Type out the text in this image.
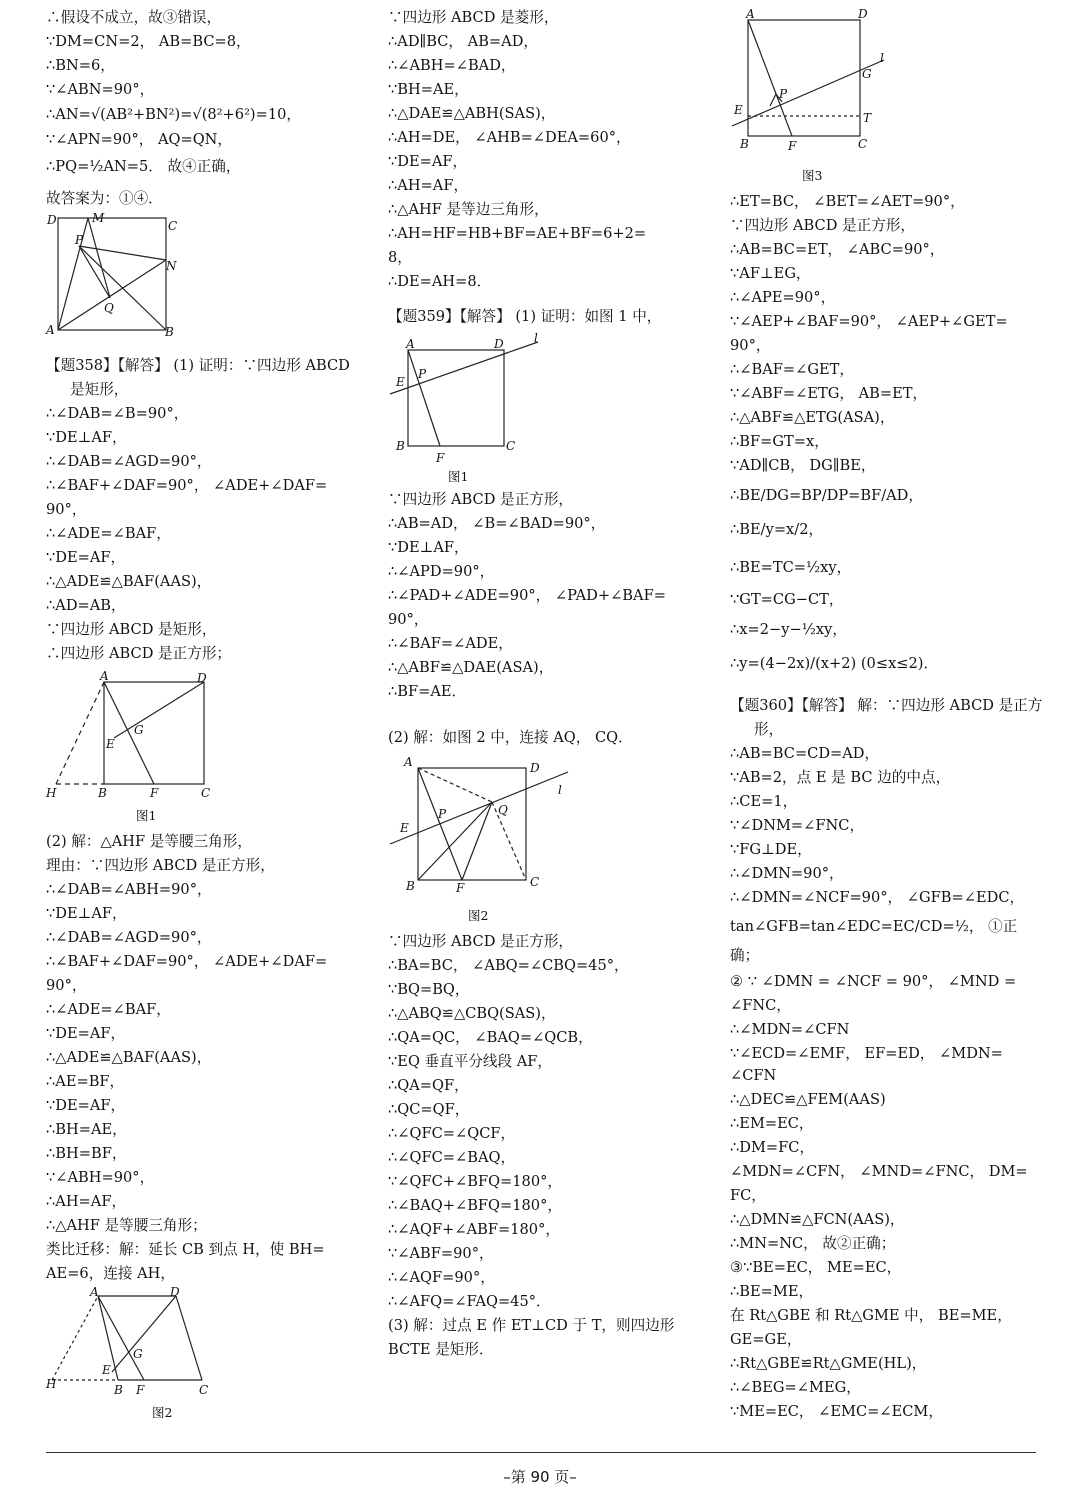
∴假设不成立，故③错误，
∵DM=CN=2， AB=BC=8，
∴BN=6，
∵∠ABN=90°，
∴AN=√(AB²+BN²)=√(8²+6²)=10，
∵∠APN=90°， AQ=QN，
∴PQ=½AN=5． 故④正确，
故答案为：①④．
D	M
C
P
N
Q
A	B
【题358】【解答】 (1) 证明：∵四边形 ABCD
是矩形，
∴∠DAB=∠B=90°，
∵DE⊥AF，
∴∠DAB=∠AGD=90°，
∴∠BAF+∠DAF=90°， ∠ADE+∠DAF=
90°，
∴∠ADE=∠BAF，
∵DE=AF，
∴△ADE≌△BAF(AAS)，
∴AD=AB，
∵四边形 ABCD 是矩形，
∴四边形 ABCD 是正方形；
A	D
G
E
H	B	F	C
图1
(2) 解：△AHF 是等腰三角形，
理由：∵四边形 ABCD 是正方形，
∴∠DAB=∠ABH=90°，
∵DE⊥AF，
∴∠DAB=∠AGD=90°，
∴∠BAF+∠DAF=90°， ∠ADE+∠DAF=
90°，
∴∠ADE=∠BAF，
∵DE=AF，
∴△ADE≌△BAF(AAS)，
∴AE=BF，
∵DE=AF，
∴BH=AE，
∴BH=BF，
∵∠ABH=90°，
∴AH=AF，
∴△AHF 是等腰三角形；
类比迁移：解：延长 CB 到点 H，使 BH=
AE=6，连接 AH，
A	D
G
E
H	B F	C
图2
∵四边形 ABCD 是菱形，
∴AD∥BC， AB=AD，
∴∠ABH=∠BAD，
∵BH=AE，
∴△DAE≌△ABH(SAS)，
∴AH=DE， ∠AHB=∠DEA=60°，
∵DE=AF，
∴AH=AF，
∴△AHF 是等边三角形，
∴AH=HF=HB+BF=AE+BF=6+2=
8，
∴DE=AH=8．
【题359】【解答】 (1) 证明：如图 1 中，
A	D	l
E
P
B
F
C
图1
∵四边形 ABCD 是正方形，
∴AB=AD， ∠B=∠BAD=90°，
∵DE⊥AF，
∴∠APD=90°，
∴∠PAD+∠ADE=90°， ∠PAD+∠BAF=
90°，
∴∠BAF=∠ADE，
∴△ABF≌△DAE(ASA)，
∴BF=AE．
(2) 解：如图 2 中，连接 AQ， CQ．
A	D
l
P	Q
E
B	F	C
图2
∵四边形 ABCD 是正方形，
∴BA=BC， ∠ABQ=∠CBQ=45°，
∵BQ=BQ，
∴△ABQ≌△CBQ(SAS)，
∴QA=QC， ∠BAQ=∠QCB，
∵EQ 垂直平分线段 AF，
∴QA=QF，
∴QC=QF，
∴∠QFC=∠QCF，
∴∠QFC=∠BAQ，
∵∠QFC+∠BFQ=180°，
∴∠BAQ+∠BFQ=180°，
∴∠AQF+∠ABF=180°，
∵∠ABF=90°，
∴∠AQF=90°，
∴∠AFQ=∠FAQ=45°．
(3) 解：过点 E 作 ET⊥CD 于 T，则四边形
BCTE 是矩形．
A	D
l
G
P
E
T
B	F	C
图3
∴ET=BC， ∠BET=∠AET=90°，
∵四边形 ABCD 是正方形，
∴AB=BC=ET， ∠ABC=90°，
∵AF⊥EG，
∴∠APE=90°，
∵∠AEP+∠BAF=90°， ∠AEP+∠GET=
90°，
∴∠BAF=∠GET，
∵∠ABF=∠ETG， AB=ET，
∴△ABF≌△ETG(ASA)，
∴BF=GT=x，
∵AD∥CB， DG∥BE，
∴BE/DG=BP/DP=BF/AD，
∴BE/y=x/2，
∴BE=TC=½xy，
∵GT=CG−CT，
∴x=2−y−½xy，
∴y=(4−2x)/(x+2) (0≤x≤2)．
【题360】【解答】 解：∵四边形 ABCD 是正方
形，
∴AB=BC=CD=AD，
∵AB=2，点 E 是 BC 边的中点，
∴CE=1，
∵∠DNM=∠FNC，
∵FG⊥DE，
∴∠DMN=90°，
∴∠DMN=∠NCF=90°， ∠GFB=∠EDC，
tan∠GFB=tan∠EDC=EC/CD=½， ①正
确；
② ∵ ∠DMN = ∠NCF = 90°， ∠MND =
∠FNC，
∴∠MDN=∠CFN
∵∠ECD=∠EMF， EF=ED， ∠MDN=
∠CFN
∴△DEC≌△FEM(AAS)
∴EM=EC，
∴DM=FC，
∠MDN=∠CFN， ∠MND=∠FNC， DM=
FC，
∴△DMN≌△FCN(AAS)，
∴MN=NC， 故②正确；
③∵BE=EC， ME=EC，
∴BE=ME，
在 Rt△GBE 和 Rt△GME 中， BE=ME，
GE=GE，
∴Rt△GBE≌Rt△GME(HL)，
∴∠BEG=∠MEG，
∵ME=EC， ∠EMC=∠ECM，
–第 90 页–
